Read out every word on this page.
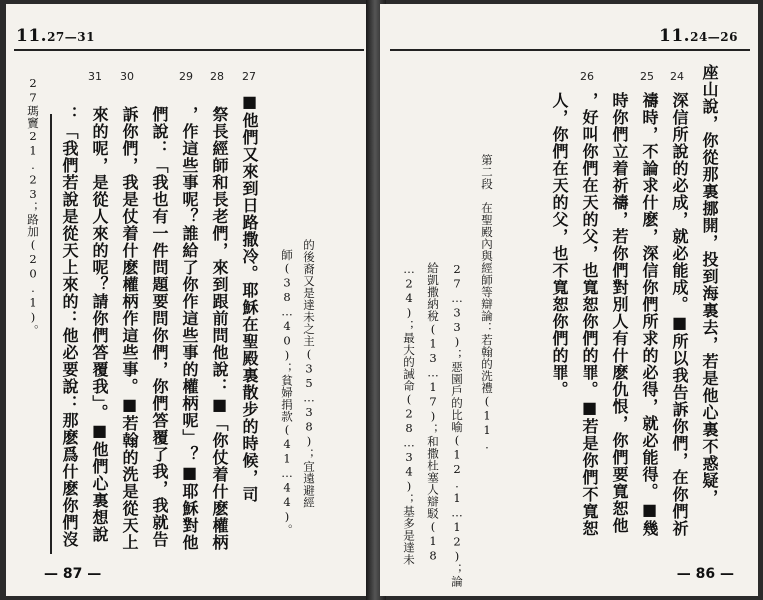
11.27—31
31 30	29 28 27
27瑪竇21.23；路加(20.1)。 ：「我們若說是從天上來的：他必要說：那麽爲什麽你們沒 來的呢，是從人來的呢？請你們答覆我」。■他們心裏想說 訴你們，我是仗着什麽權柄作這些事。■若翰的洗是從天上 們說：「我也有一件問題要問你們，你們答覆了我，我就告 ，作這些事呢？誰給了你作這些事的權柄呢」？■耶穌對他 祭長經師和長老們，來到跟前問他說：■「你仗着什麽權柄 ■他們又來到日路撒冷。耶穌在聖殿裏散步的時候，司	的後裔又是達未之主(35…38)；宜遠避經
師(38…40)；貧婦捐款(41…44)。
— 87 —
11.24—26
26	25 24
…24)；最大的誡命(28…34)；基多是達未 給凱撒納稅(13…17)；和撒杜塞人辯駁(18 27…33)；惡園戶的比喻(12.1…12)；論 第二段　在聖殿內與經師等辯論：若翰的洗禮(11.	人，你們在天的父，也不寬恕你們的罪。 ，好叫你們在天的父，也寬恕你們的罪。■若是你們不寬恕 時你們立着祈禱，若你們對別人有什麽仇恨，你們要寬恕他 禱時，不論求什麽，深信你們所求的必得，就必能得。■幾 深信所說的必成，就必能成。■所以我告訴你們，在你們祈 座山說，你從那裏挪開，投到海裏去，若是他心裏不惑疑，
— 86 —
